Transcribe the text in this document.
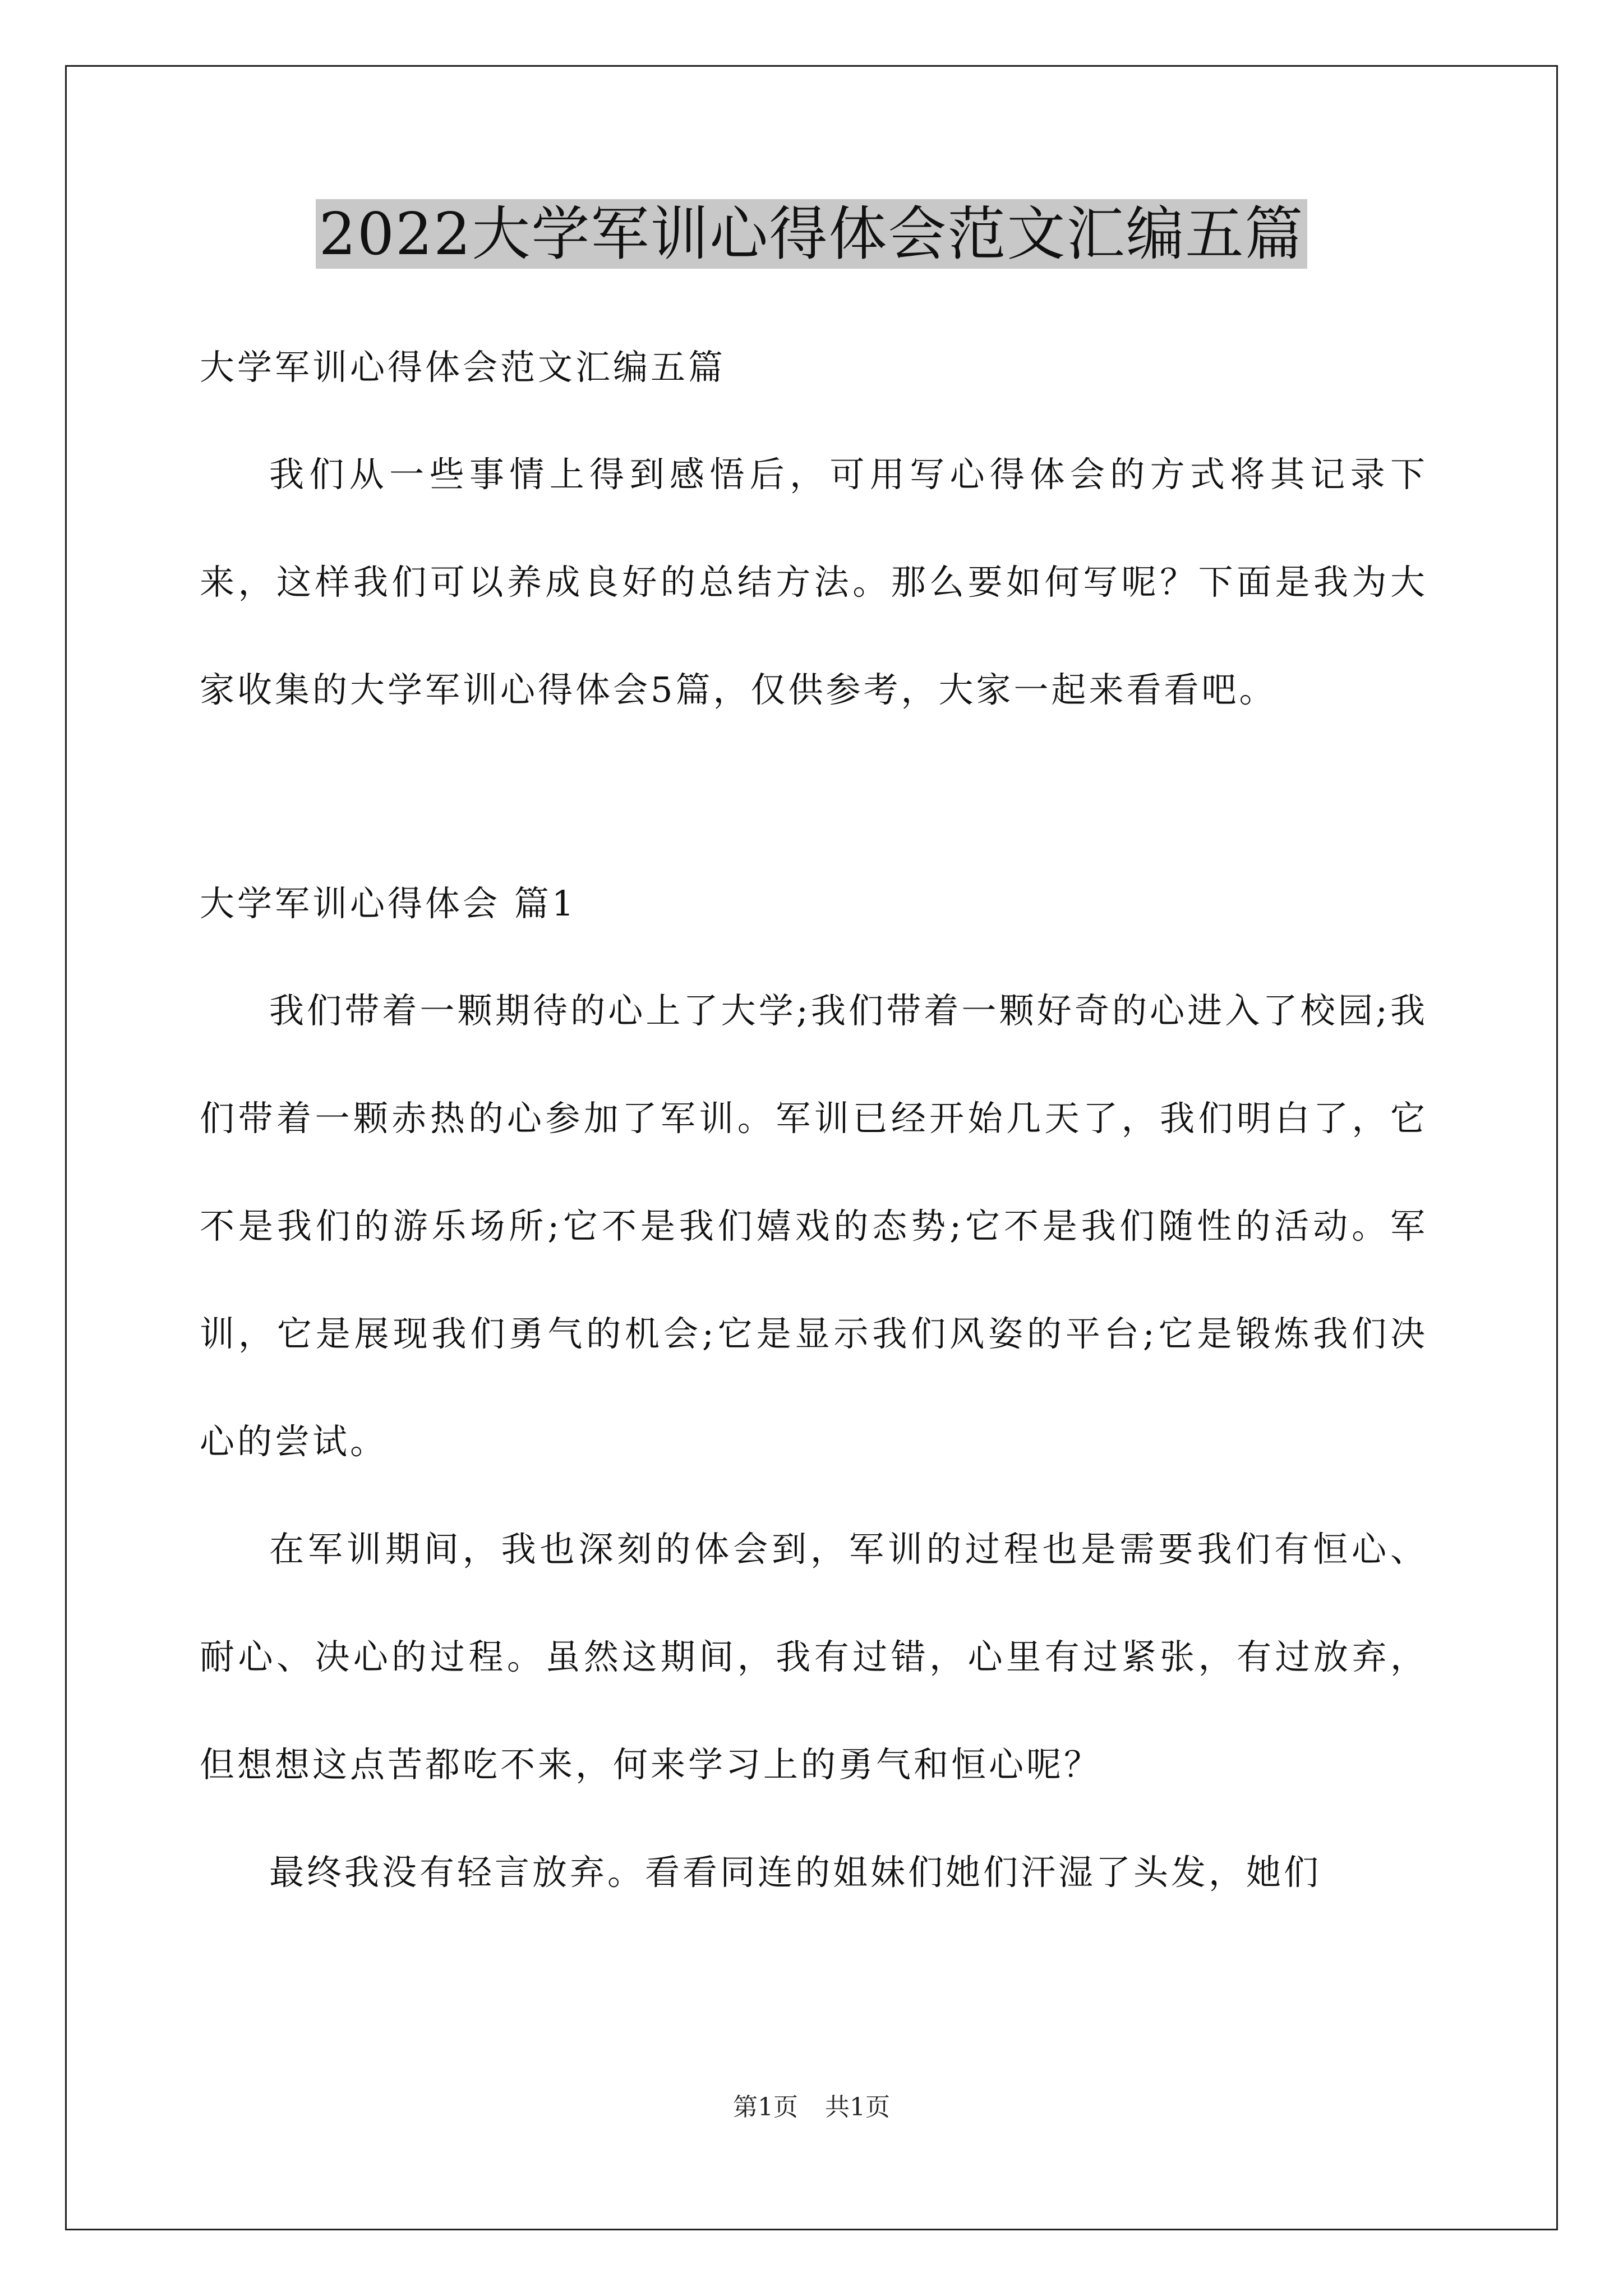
2022大学军训心得体会范文汇编五篇

大学军训心得体会范文汇编五篇

我们从一些事情上得到感悟后，可用写心得体会的方式将其记录下来，这样我们可以养成良好的总结方法。那么要如何写呢？下面是我为大家收集的大学军训心得体会5篇，仅供参考，大家一起来看看吧。

大学军训心得体会 篇1

我们带着一颗期待的心上了大学;我们带着一颗好奇的心进入了校园;我们带着一颗赤热的心参加了军训。军训已经开始几天了，我们明白了，它不是我们的游乐场所;它不是我们嬉戏的态势;它不是我们随性的活动。军训，它是展现我们勇气的机会;它是显示我们风姿的平台;它是锻炼我们决心的尝试。

在军训期间，我也深刻的体会到，军训的过程也是需要我们有恒心、耐心、决心的过程。虽然这期间，我有过错，心里有过紧张，有过放弃，但想想这点苦都吃不来，何来学习上的勇气和恒心呢？

最终我没有轻言放弃。看看同连的姐妹们她们汗湿了头发，她们

第1页 共1页
